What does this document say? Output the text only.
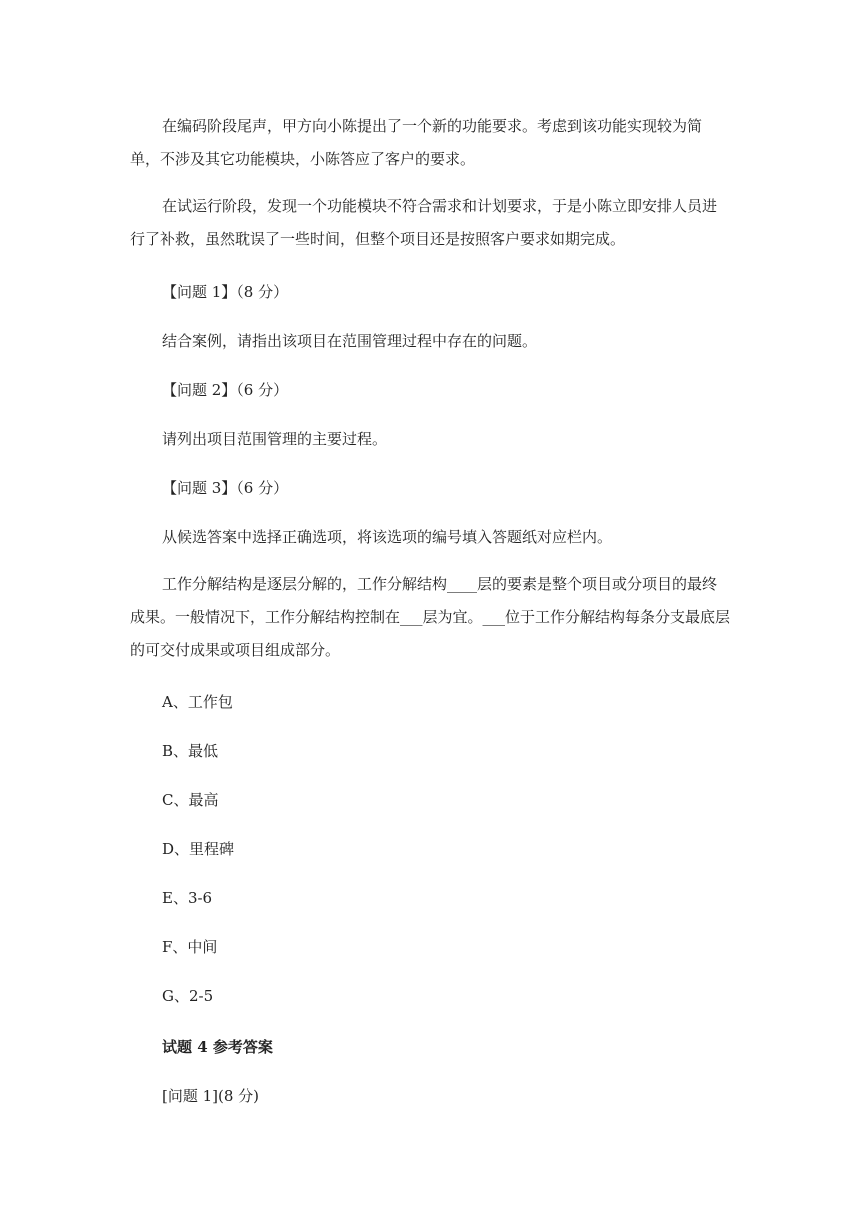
在编码阶段尾声，甲方向小陈提出了一个新的功能要求。考虑到该功能实现较为简单，不涉及其它功能模块，小陈答应了客户的要求。
在试运行阶段，发现一个功能模块不符合需求和计划要求，于是小陈立即安排人员进行了补救，虽然耽误了一些时间，但整个项目还是按照客户要求如期完成。
【问题 1】（8 分）
结合案例，请指出该项目在范围管理过程中存在的问题。
【问题 2】（6 分）
请列出项目范围管理的主要过程。
【问题 3】（6 分）
从候选答案中选择正确选项，将该选项的编号填入答题纸对应栏内。
工作分解结构是逐层分解的，工作分解结构____层的要素是整个项目或分项目的最终成果。一般情况下，工作分解结构控制在___层为宜。___位于工作分解结构每条分支最底层的可交付成果或项目组成部分。
A、工作包
B、最低
C、最高
D、里程碑
E、3-6
F、中间
G、2-5
试题 4 参考答案
[问题 1](8 分)
